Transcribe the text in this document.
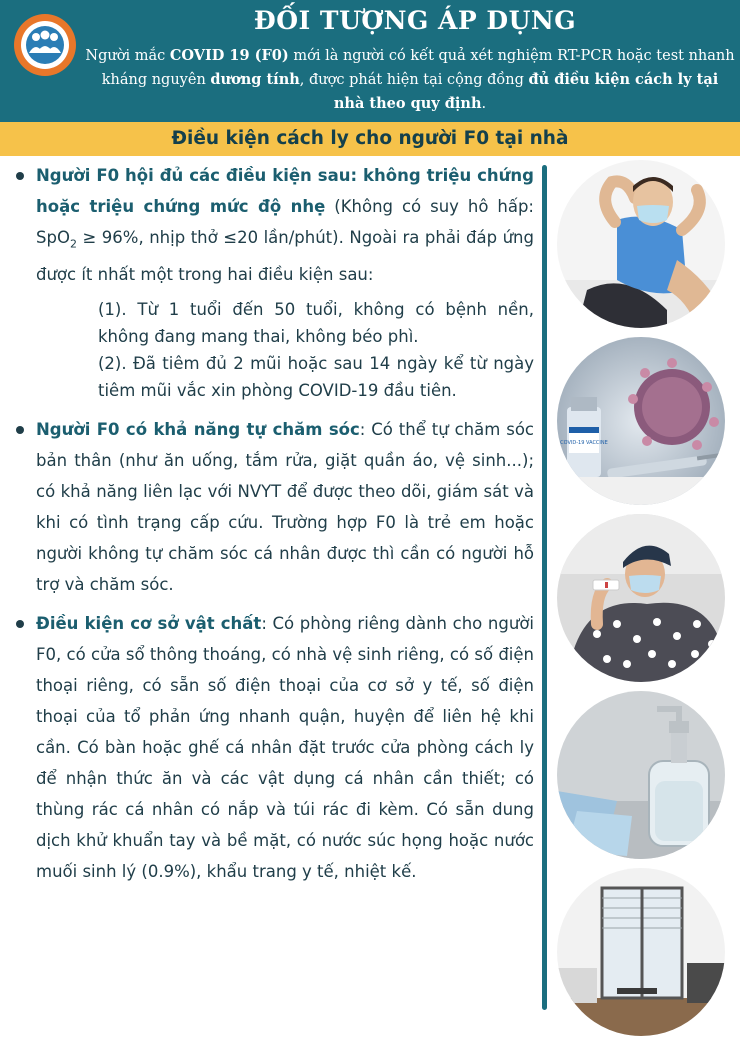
ĐỐI TƯỢNG ÁP DỤNG
Người mắc COVID 19 (F0) mới là người có kết quả xét nghiệm RT-PCR hoặc test nhanh kháng nguyên dương tính, được phát hiện tại cộng đồng đủ điều kiện cách ly tại nhà theo quy định.
Điều kiện cách ly cho người F0 tại nhà
Người F0 hội đủ các điều kiện sau: không triệu chứng hoặc triệu chứng mức độ nhẹ (Không có suy hô hấp: SpO$_2$ ≥ 96%, nhịp thở ≤20 lần/phút). Ngoài ra phải đáp ứng được ít nhất một trong hai điều kiện sau:

(1). Từ 1 tuổi đến 50 tuổi, không có bệnh nền, không đang mang thai, không béo phì.

(2). Đã tiêm đủ 2 mũi hoặc sau 14 ngày kể từ ngày tiêm mũi vắc xin phòng COVID-19 đầu tiên.

Người F0 có khả năng tự chăm sóc: Có thể tự chăm sóc bản thân (như ăn uống, tắm rửa, giặt quần áo, vệ sinh...); có khả năng liên lạc với NVYT để được theo dõi, giám sát và khi có tình trạng cấp cứu. Trường hợp F0 là trẻ em hoặc người không tự chăm sóc cá nhân được thì cần có người hỗ trợ và chăm sóc.
Điều kiện cơ sở vật chất: Có phòng riêng dành cho người F0, có cửa sổ thông thoáng, có nhà vệ sinh riêng, có số điện thoại riêng, có sẵn số điện thoại của cơ sở y tế, số điện thoại của tổ phản ứng nhanh quận, huyện để liên hệ khi cần. Có bàn hoặc ghế cá nhân đặt trước cửa phòng cách ly để nhận thức ăn và các vật dụng cá nhân cần thiết; có thùng rác cá nhân có nắp và túi rác đi kèm. Có sẵn dung dịch khử khuẩn tay và bề mặt, có nước súc họng hoặc nước muối sinh lý (0.9%), khẩu trang y tế, nhiệt kế.
COVID-19 VACCINE
